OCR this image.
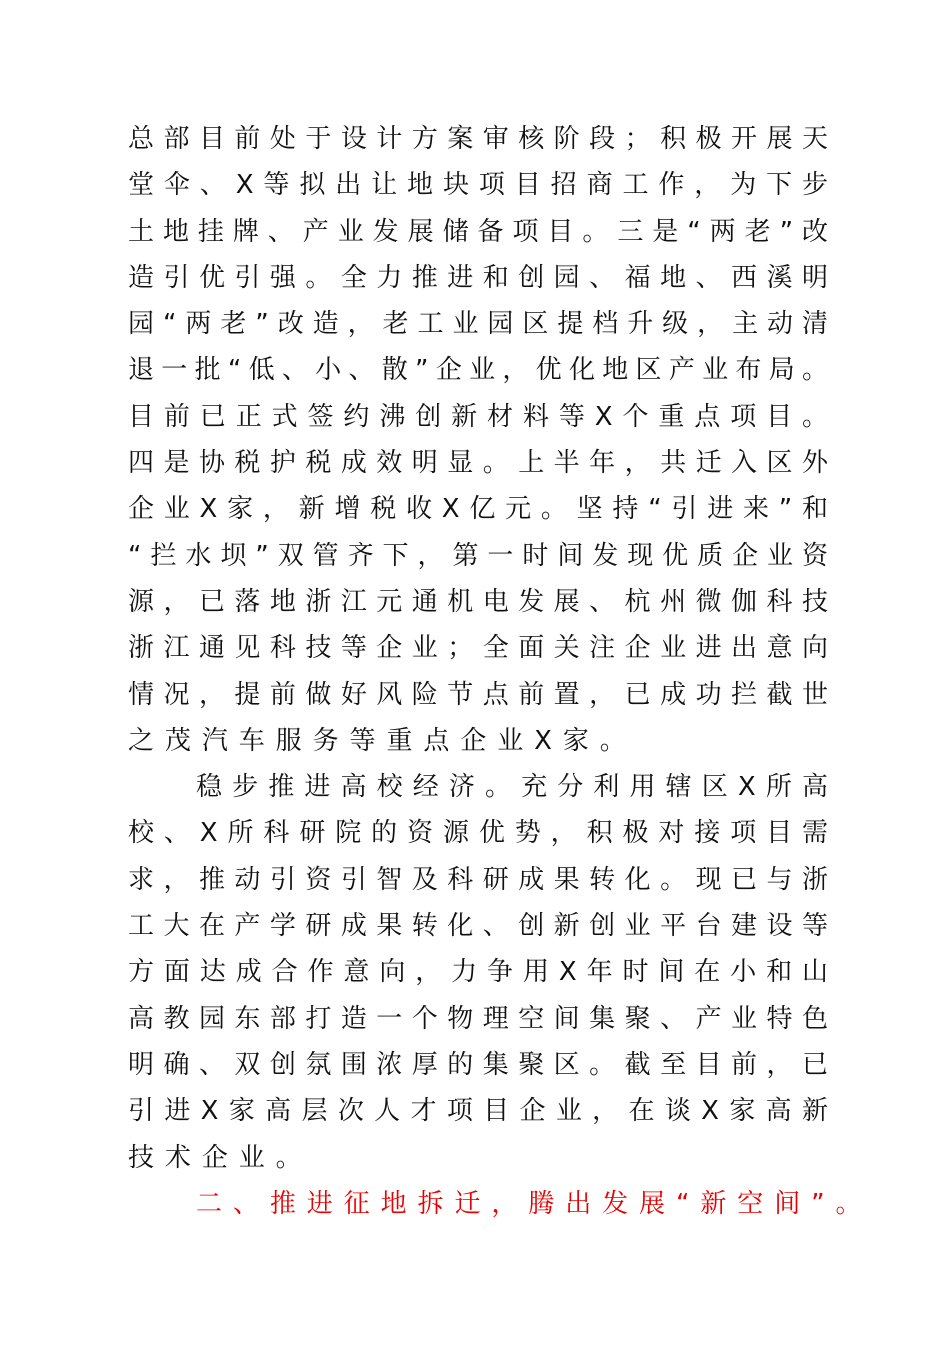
总部目前处于设计方案审核阶段；积极开展天
堂伞、X等拟出让地块项目招商工作，为下步
土地挂牌、产业发展储备项目。三是“两老”改
造引优引强。全力推进和创园、福地、西溪明
园“两老”改造，老工业园区提档升级，主动清
退一批“低、小、散”企业，优化地区产业布局。
目前已正式签约沸创新材料等X个重点项目。
四是协税护税成效明显。上半年，共迁入区外
企业X家，新增税收X亿元。坚持“引进来”和
“拦水坝”双管齐下，第一时间发现优质企业资
源，已落地浙江元通机电发展、杭州微伽科技
浙江通见科技等企业；全面关注企业进出意向
情况，提前做好风险节点前置，已成功拦截世
之茂汽车服务等重点企业X家。
稳步推进高校经济。充分利用辖区X所高
校、X所科研院的资源优势，积极对接项目需
求，推动引资引智及科研成果转化。现已与浙
工大在产学研成果转化、创新创业平台建设等
方面达成合作意向，力争用X年时间在小和山
高教园东部打造一个物理空间集聚、产业特色
明确、双创氛围浓厚的集聚区。截至目前，已
引进X家高层次人才项目企业，在谈X家高新
技术企业。
二、推进征地拆迁，腾出发展“新空间”。
